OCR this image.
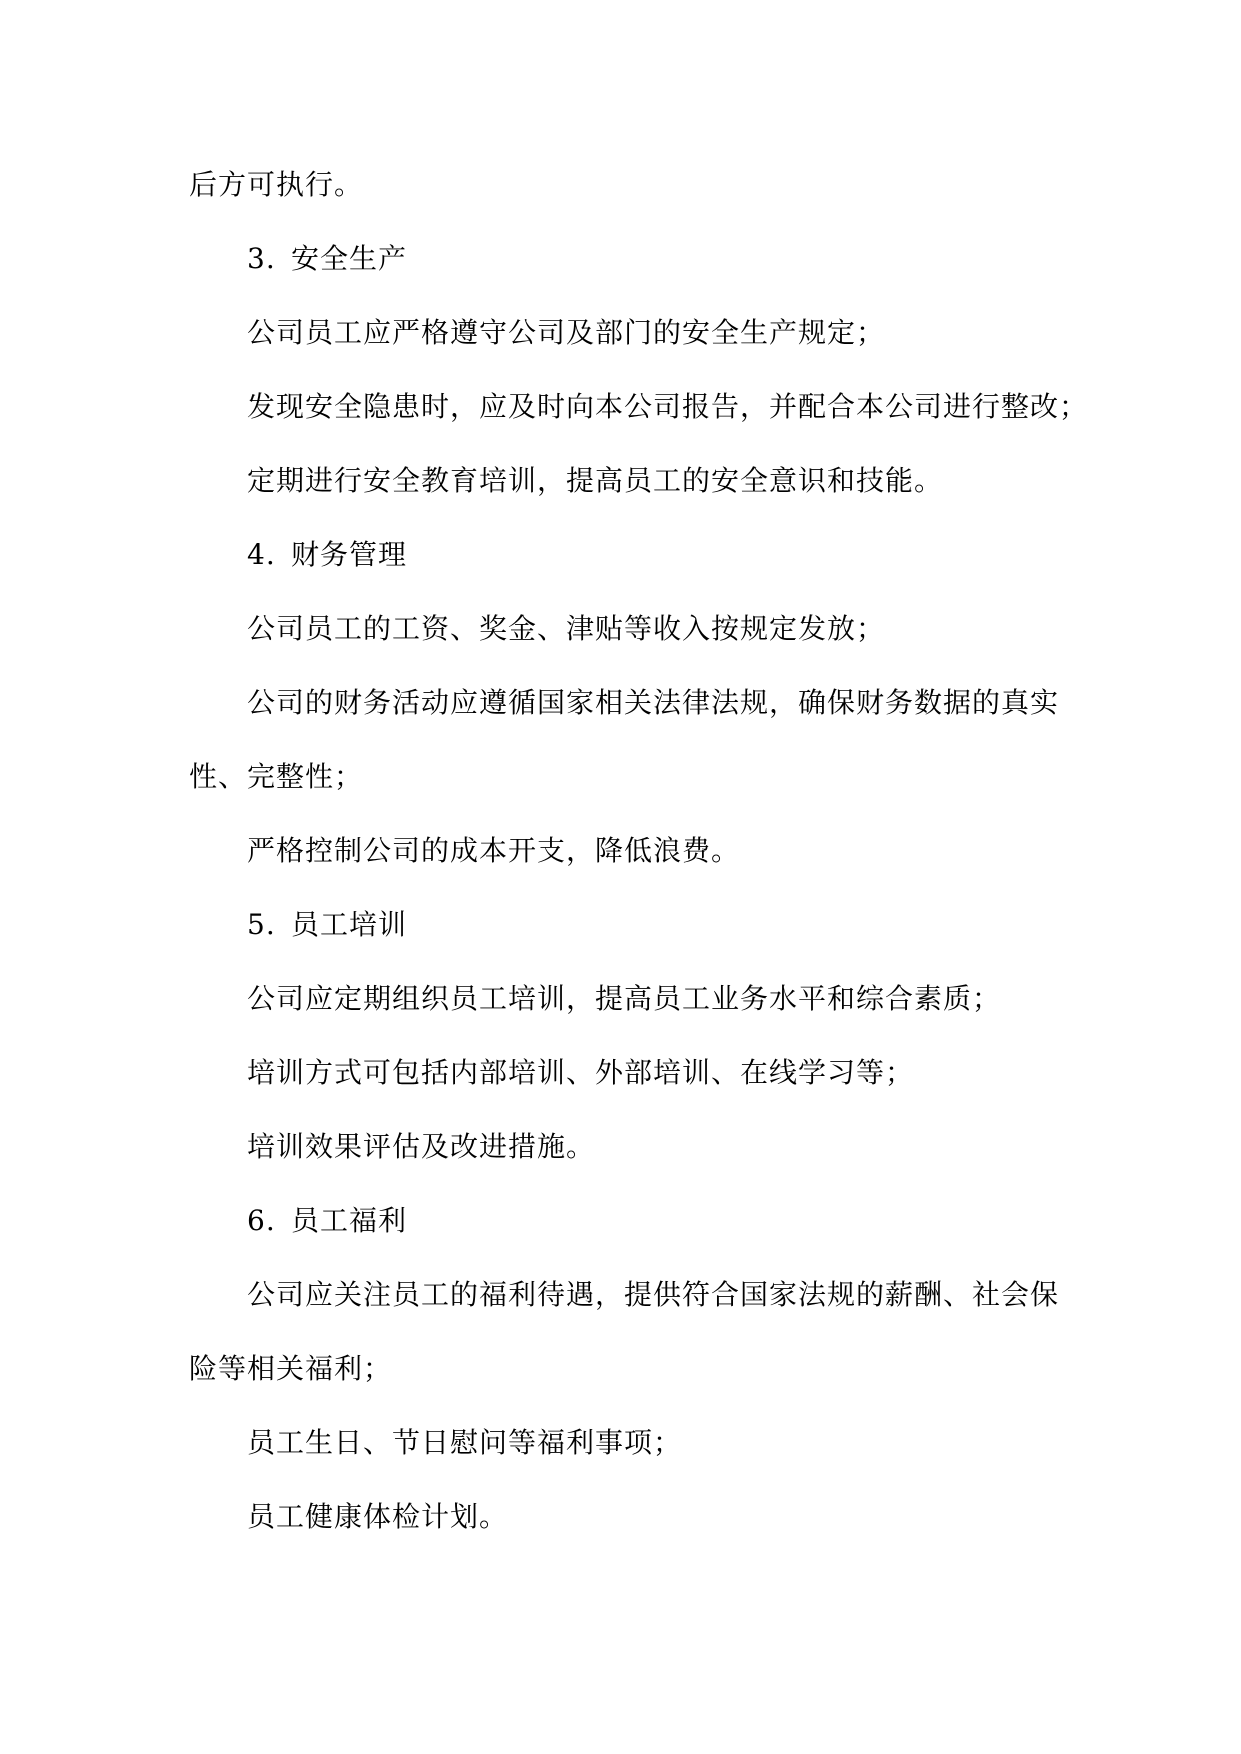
后方可执行。
3. 安全生产
公司员工应严格遵守公司及部门的安全生产规定；
发现安全隐患时，应及时向本公司报告，并配合本公司进行整改；
定期进行安全教育培训，提高员工的安全意识和技能。
4. 财务管理
公司员工的工资、奖金、津贴等收入按规定发放；
公司的财务活动应遵循国家相关法律法规，确保财务数据的真实
性、完整性；
严格控制公司的成本开支，降低浪费。
5. 员工培训
公司应定期组织员工培训，提高员工业务水平和综合素质；
培训方式可包括内部培训、外部培训、在线学习等；
培训效果评估及改进措施。
6. 员工福利
公司应关注员工的福利待遇，提供符合国家法规的薪酬、社会保
险等相关福利；
员工生日、节日慰问等福利事项；
员工健康体检计划。
